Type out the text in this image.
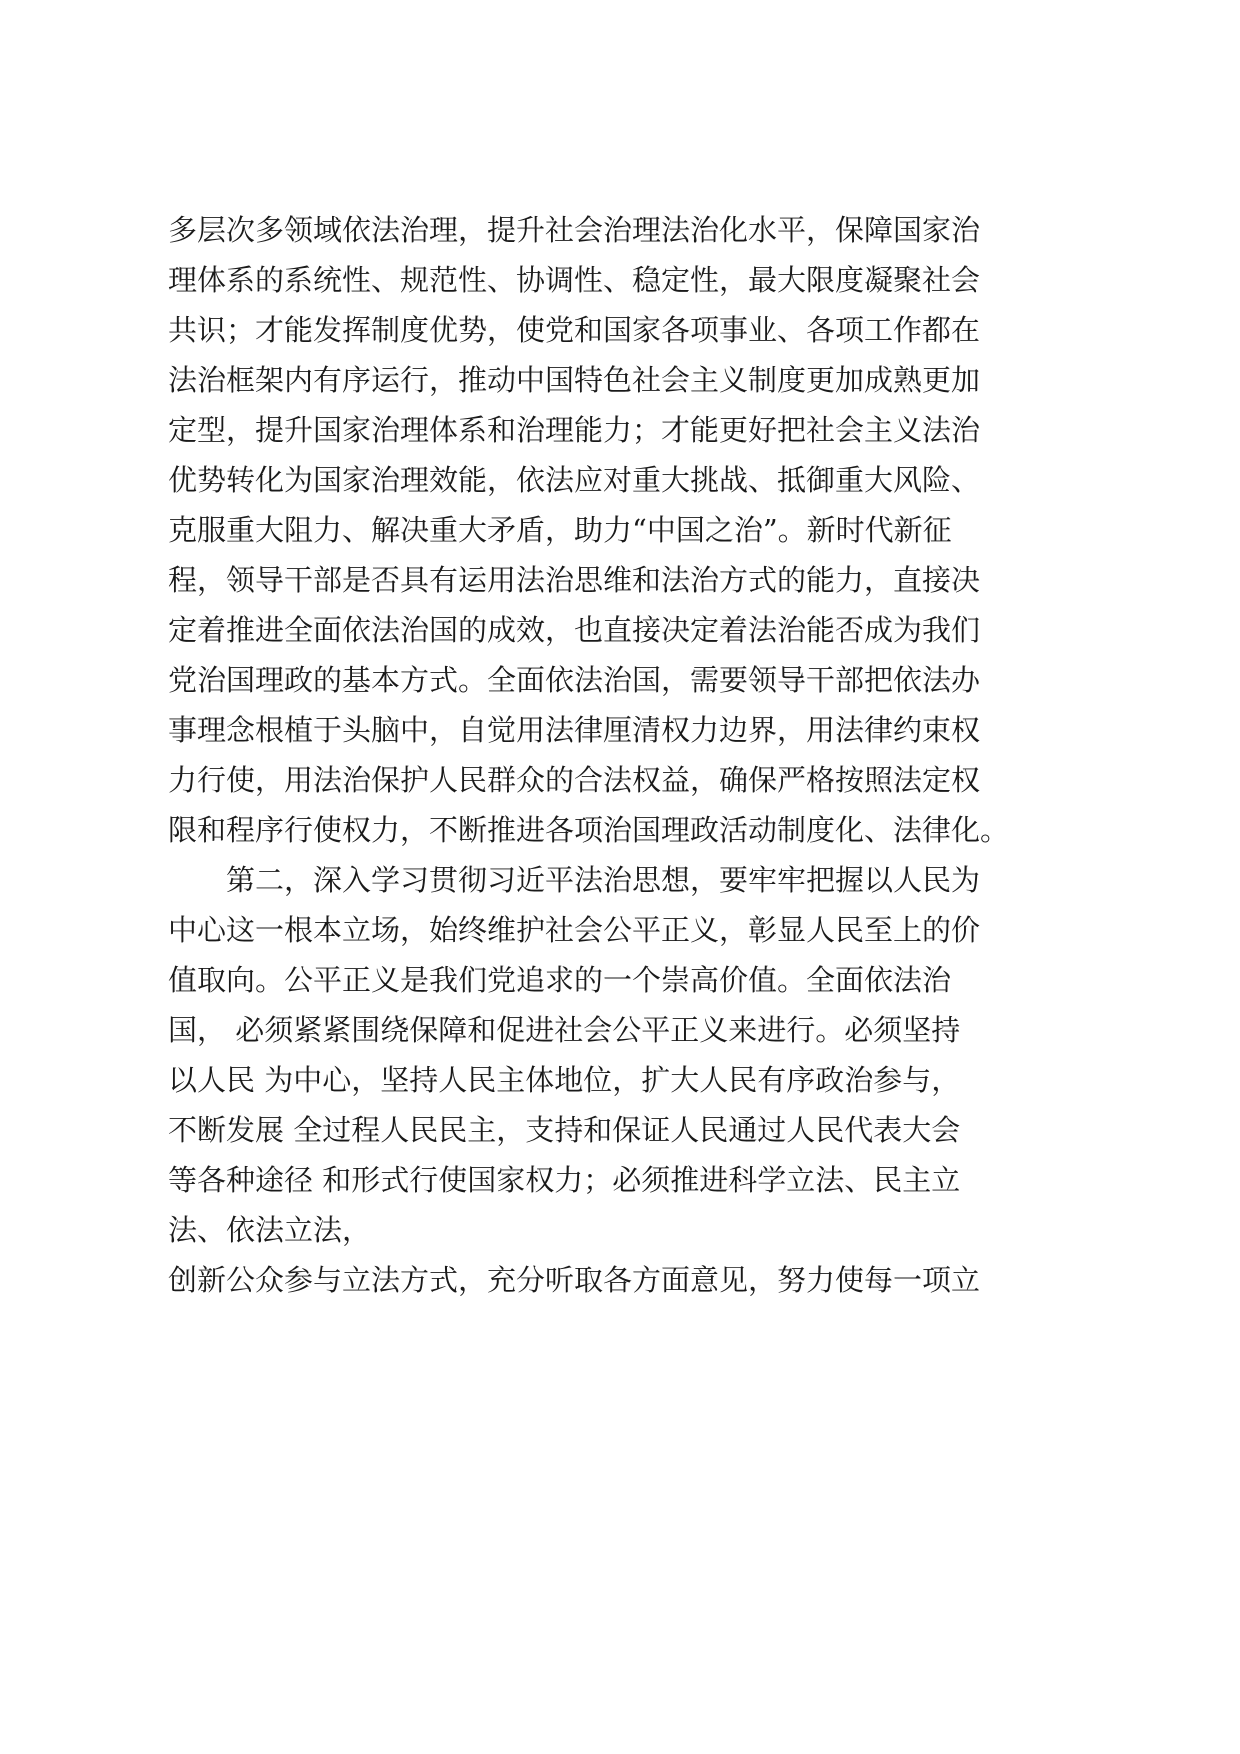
多层次多领域依法治理，提升社会治理法治化水平，保障国家治

理体系的系统性、规范性、协调性、稳定性，最大限度凝聚社会

共识；才能发挥制度优势，使党和国家各项事业、各项工作都在

法治框架内有序运行，推动中国特色社会主义制度更加成熟更加

定型，提升国家治理体系和治理能力；才能更好把社会主义法治

优势转化为国家治理效能，依法应对重大挑战、抵御重大风险、

克服重大阻力、解决重大矛盾，助力“中国之治”。新时代新征

程，领导干部是否具有运用法治思维和法治方式的能力，直接决

定着推进全面依法治国的成效，也直接决定着法治能否成为我们

党治国理政的基本方式。全面依法治国，需要领导干部把依法办

事理念根植于头脑中，自觉用法律厘清权力边界，用法律约束权

力行使，用法治保护人民群众的合法权益，确保严格按照法定权

限和程序行使权力，不断推进各项治国理政活动制度化、法律化。

　　第二，深入学习贯彻习近平法治思想，要牢牢把握以人民为

中心这一根本立场，始终维护社会公平正义，彰显人民至上的价

值取向。公平正义是我们党追求的一个崇高价值。全面依法治

国， 必须紧紧围绕保障和促进社会公平正义来进行。必须坚持

以人民 为中心，坚持人民主体地位，扩大人民有序政治参与，

不断发展 全过程人民民主，支持和保证人民通过人民代表大会

等各种途径 和形式行使国家权力；必须推进科学立法、民主立

法、依法立法，

创新公众参与立法方式，充分听取各方面意见，努力使每一项立
